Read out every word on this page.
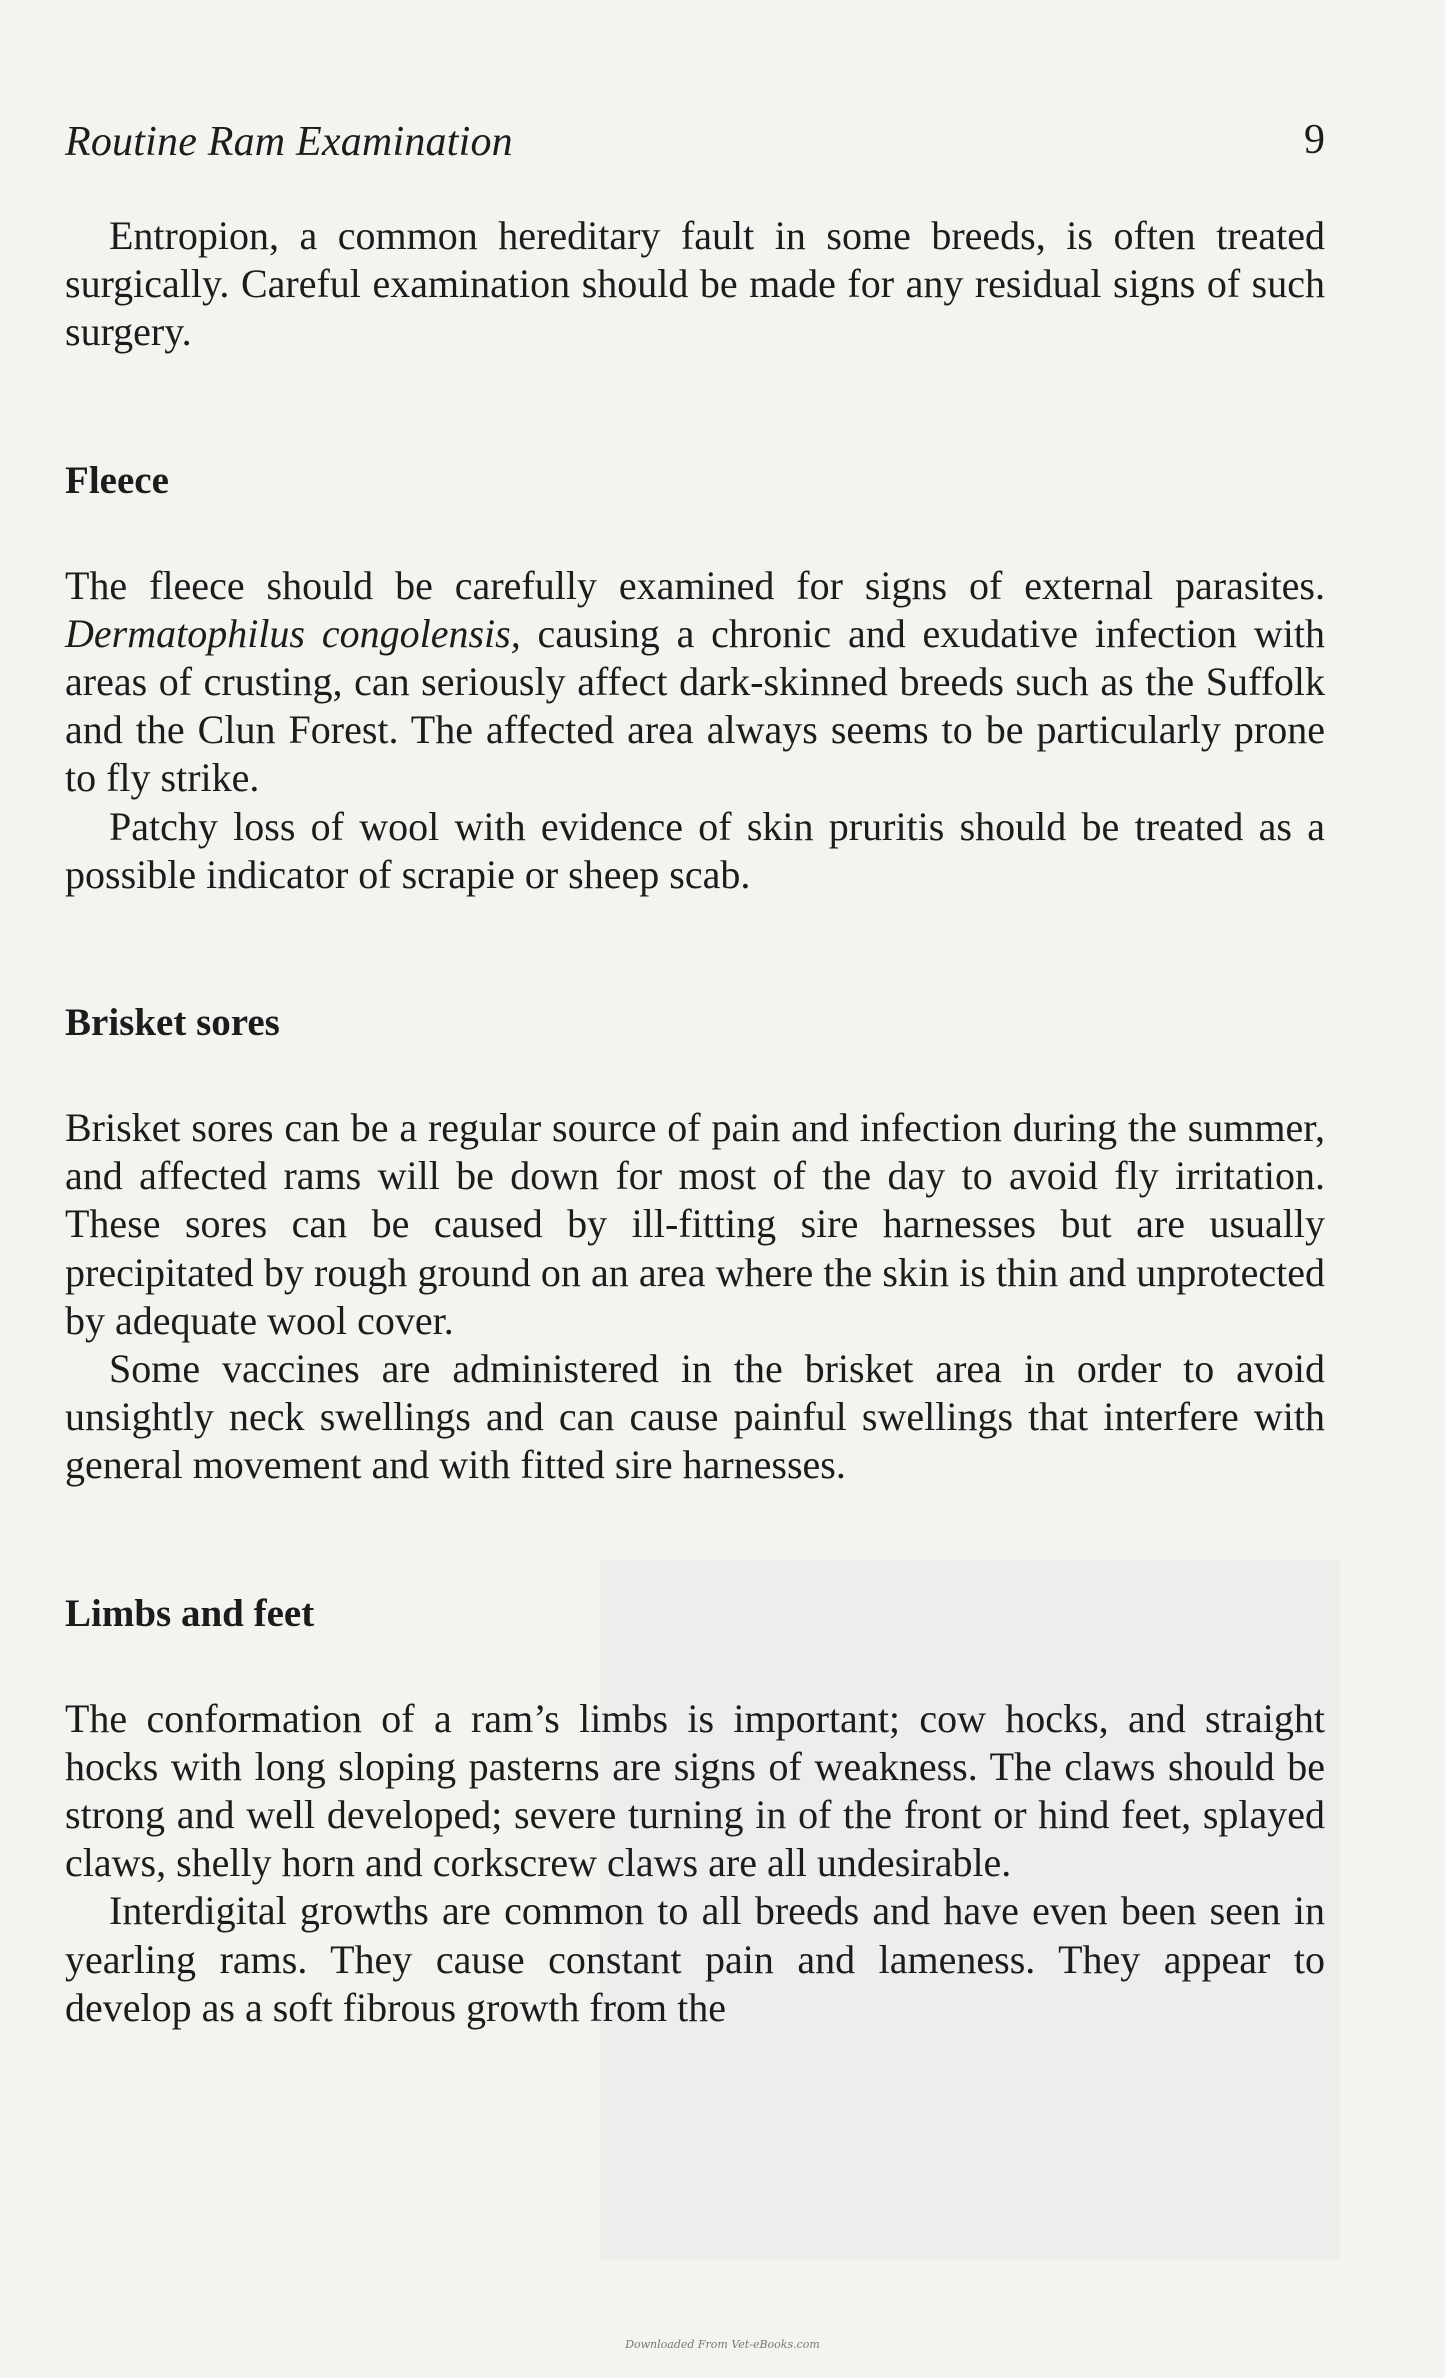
Routine Ram Examination	9

Entropion, a common hereditary fault in some breeds, is often treated surgically. Careful examination should be made for any residual signs of such surgery.

Fleece

The fleece should be carefully examined for signs of external parasites. Dermatophilus congolensis, causing a chronic and exudative infection with areas of crusting, can seriously affect dark-skinned breeds such as the Suffolk and the Clun Forest. The affected area always seems to be particularly prone to fly strike.

Patchy loss of wool with evidence of skin pruritis should be treated as a possible indicator of scrapie or sheep scab.

Brisket sores

Brisket sores can be a regular source of pain and infection during the summer, and affected rams will be down for most of the day to avoid fly irritation. These sores can be caused by ill-fitting sire harnesses but are usually precipitated by rough ground on an area where the skin is thin and unprotected by adequate wool cover.

Some vaccines are administered in the brisket area in order to avoid unsightly neck swellings and can cause painful swellings that interfere with general movement and with fitted sire harnesses.

Limbs and feet

The conformation of a ram’s limbs is important; cow hocks, and straight hocks with long sloping pasterns are signs of weakness. The claws should be strong and well developed; severe turning in of the front or hind feet, splayed claws, shelly horn and corkscrew claws are all undesirable.

Interdigital growths are common to all breeds and have even been seen in yearling rams. They cause constant pain and lameness. They appear to develop as a soft fibrous growth from the

Downloaded From Vet-eBooks.com
